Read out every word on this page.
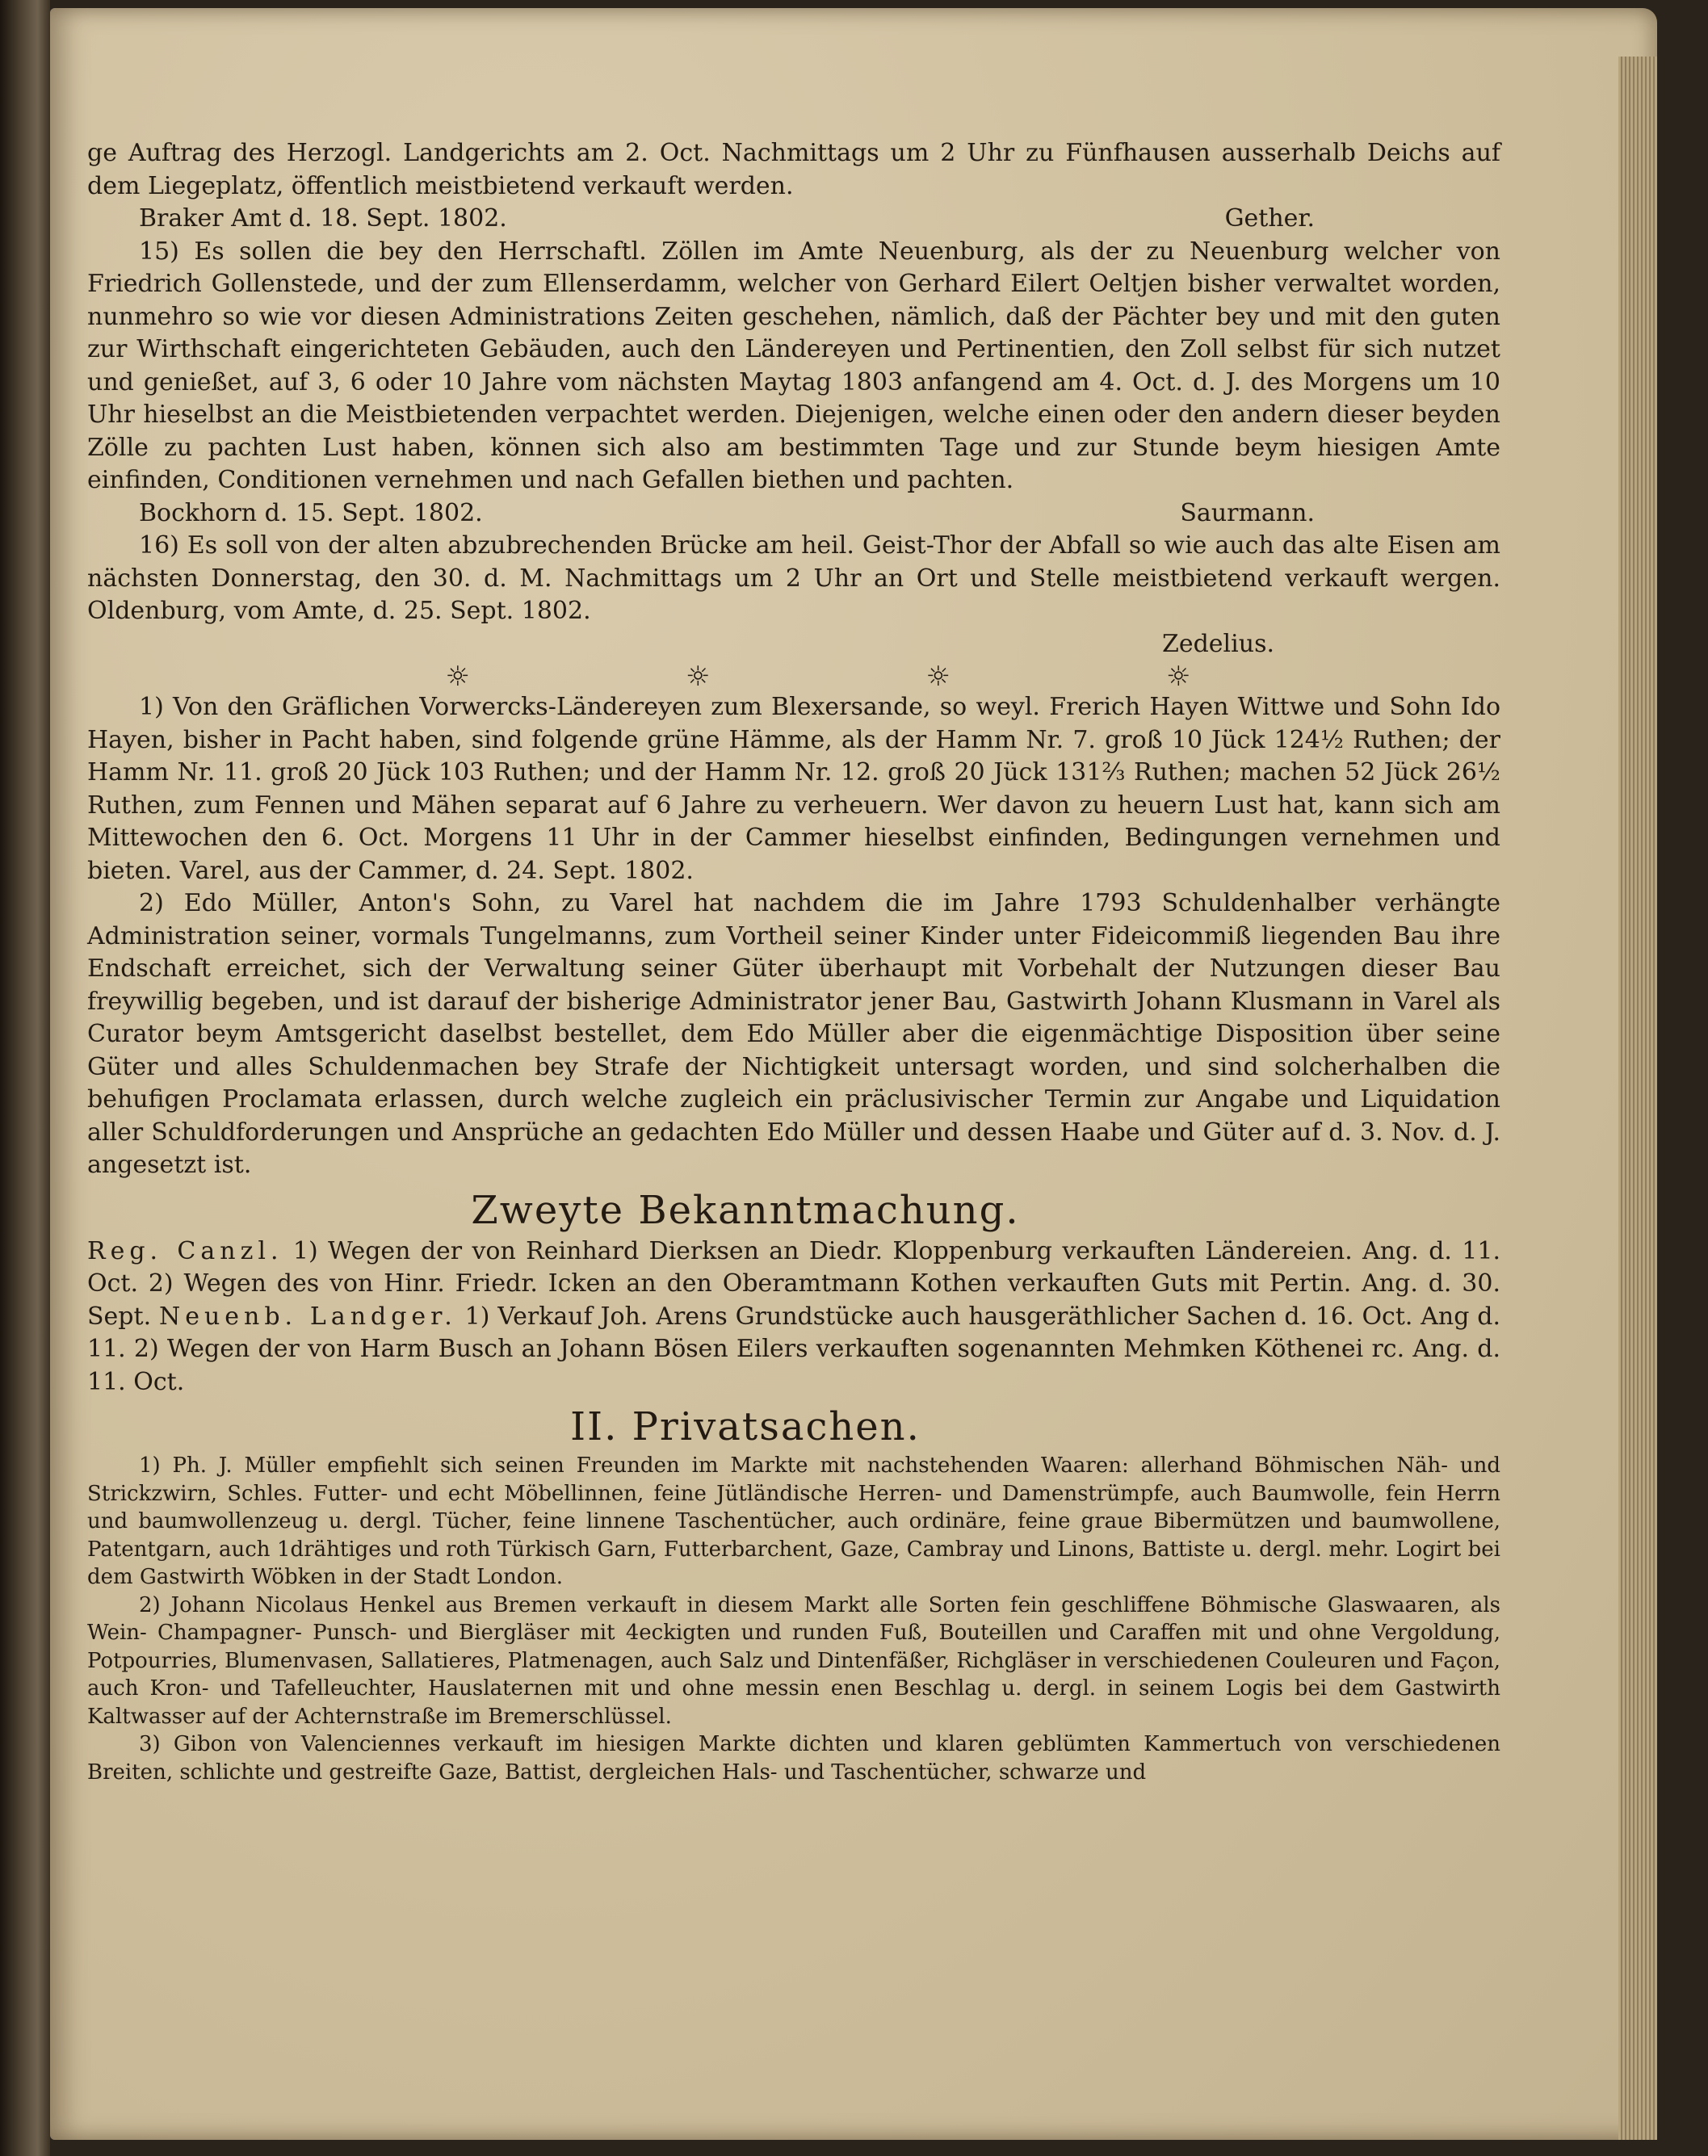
ge Auftrag des Herzogl. Landgerichts am 2. Oct. Nachmittags um 2 Uhr zu Fünfhausen ausserhalb Deichs auf dem Liegeplatz, öffentlich meistbietend verkauft werden.

Braker Amt d. 18. Sept. 1802.	Gether.

15) Es sollen die bey den Herrschaftl. Zöllen im Amte Neuenburg, als der zu Neuenburg welcher von Friedrich Gollenstede, und der zum Ellenserdamm, welcher von Gerhard Eilert Oeltjen bisher verwaltet worden, nunmehro so wie vor diesen Administrations Zeiten geschehen, nämlich, daß der Pächter bey und mit den guten zur Wirthschaft eingerichteten Gebäuden, auch den Ländereyen und Pertinentien, den Zoll selbst für sich nutzet und genießet, auf 3, 6 oder 10 Jahre vom nächsten Maytag 1803 anfangend am 4. Oct. d. J. des Morgens um 10 Uhr hieselbst an die Meistbietenden verpachtet werden. Diejenigen, welche einen oder den andern dieser beyden Zölle zu pachten Lust haben, können sich also am bestimmten Tage und zur Stunde beym hiesigen Amte einfinden, Conditionen vernehmen und nach Gefallen biethen und pachten.

Bockhorn d. 15. Sept. 1802.	Saurmann.

16) Es soll von der alten abzubrechenden Brücke am heil. Geist-Thor der Abfall so wie auch das alte Eisen am nächsten Donnerstag, den 30. d. M. Nachmittags um 2 Uhr an Ort und Stelle meistbietend verkauft wergen. Oldenburg, vom Amte, d. 25. Sept. 1802.

Zedelius.
☼	☼	☼	☼

1) Von den Gräflichen Vorwercks-Ländereyen zum Blexersande, so weyl. Frerich Hayen Wittwe und Sohn Ido Hayen, bisher in Pacht haben, sind folgende grüne Hämme, als der Hamm Nr. 7. groß 10 Jück 124½ Ruthen; der Hamm Nr. 11. groß 20 Jück 103 Ruthen; und der Hamm Nr. 12. groß 20 Jück 131⅔ Ruthen; machen 52 Jück 26½ Ruthen, zum Fennen und Mähen separat auf 6 Jahre zu verheuern. Wer davon zu heuern Lust hat, kann sich am Mittewochen den 6. Oct. Morgens 11 Uhr in der Cammer hieselbst einfinden, Bedingungen vernehmen und bieten. Varel, aus der Cammer, d. 24. Sept. 1802.

2) Edo Müller, Anton's Sohn, zu Varel hat nachdem die im Jahre 1793 Schuldenhalber verhängte Administration seiner, vormals Tungelmanns, zum Vortheil seiner Kinder unter Fideicommiß liegenden Bau ihre Endschaft erreichet, sich der Verwaltung seiner Güter überhaupt mit Vorbehalt der Nutzungen dieser Bau freywillig begeben, und ist darauf der bisherige Administrator jener Bau, Gastwirth Johann Klusmann in Varel als Curator beym Amtsgericht daselbst bestellet, dem Edo Müller aber die eigenmächtige Disposition über seine Güter und alles Schuldenmachen bey Strafe der Nichtigkeit untersagt worden, und sind solcherhalben die behufigen Proclamata erlassen, durch welche zugleich ein präclusivischer Termin zur Angabe und Liquidation aller Schuldforderungen und Ansprüche an gedachten Edo Müller und dessen Haabe und Güter auf d. 3. Nov. d. J. angesetzt ist.

Zweyte Bekanntmachung.

Reg. Canzl. 1) Wegen der von Reinhard Dierksen an Diedr. Kloppenburg verkauften Ländereien. Ang. d. 11. Oct. 2) Wegen des von Hinr. Friedr. Icken an den Oberamtmann Kothen verkauften Guts mit Pertin. Ang. d. 30. Sept. Neuenb. Landger. 1) Verkauf Joh. Arens Grundstücke auch hausgeräthlicher Sachen d. 16. Oct. Ang d. 11. 2) Wegen der von Harm Busch an Johann Bösen Eilers verkauften sogenannten Mehmken Köthenei rc. Ang. d. 11. Oct.

II. Privatsachen.

1) Ph. J. Müller empfiehlt sich seinen Freunden im Markte mit nachstehenden Waaren: allerhand Böhmischen Näh- und Strickzwirn, Schles. Futter- und echt Möbellinnen, feine Jütländische Herren- und Damenstrümpfe, auch Baumwolle, fein Herrn und baumwollenzeug u. dergl. Tücher, feine linnene Taschentücher, auch ordinäre, feine graue Bibermützen und baumwollene, Patentgarn, auch 1drähtiges und roth Türkisch Garn, Futterbarchent, Gaze, Cambray und Linons, Battiste u. dergl. mehr. Logirt bei dem Gastwirth Wöbken in der Stadt London.

2) Johann Nicolaus Henkel aus Bremen verkauft in diesem Markt alle Sorten fein geschliffene Böhmische Glaswaaren, als Wein- Champagner- Punsch- und Biergläser mit 4eckigten und runden Fuß, Bouteillen und Caraffen mit und ohne Vergoldung, Potpourries, Blumenvasen, Sallatieres, Platmenagen, auch Salz und Dintenfäßer, Richgläser in verschiedenen Couleuren und Façon, auch Kron- und Tafelleuchter, Hauslaternen mit und ohne messin enen Beschlag u. dergl. in seinem Logis bei dem Gastwirth Kaltwasser auf der Achternstraße im Bremerschlüssel.

3) Gibon von Valenciennes verkauft im hiesigen Markte dichten und klaren geblümten Kammertuch von verschiedenen Breiten, schlichte und gestreifte Gaze, Battist, dergleichen Hals- und Taschentücher, schwarze und
